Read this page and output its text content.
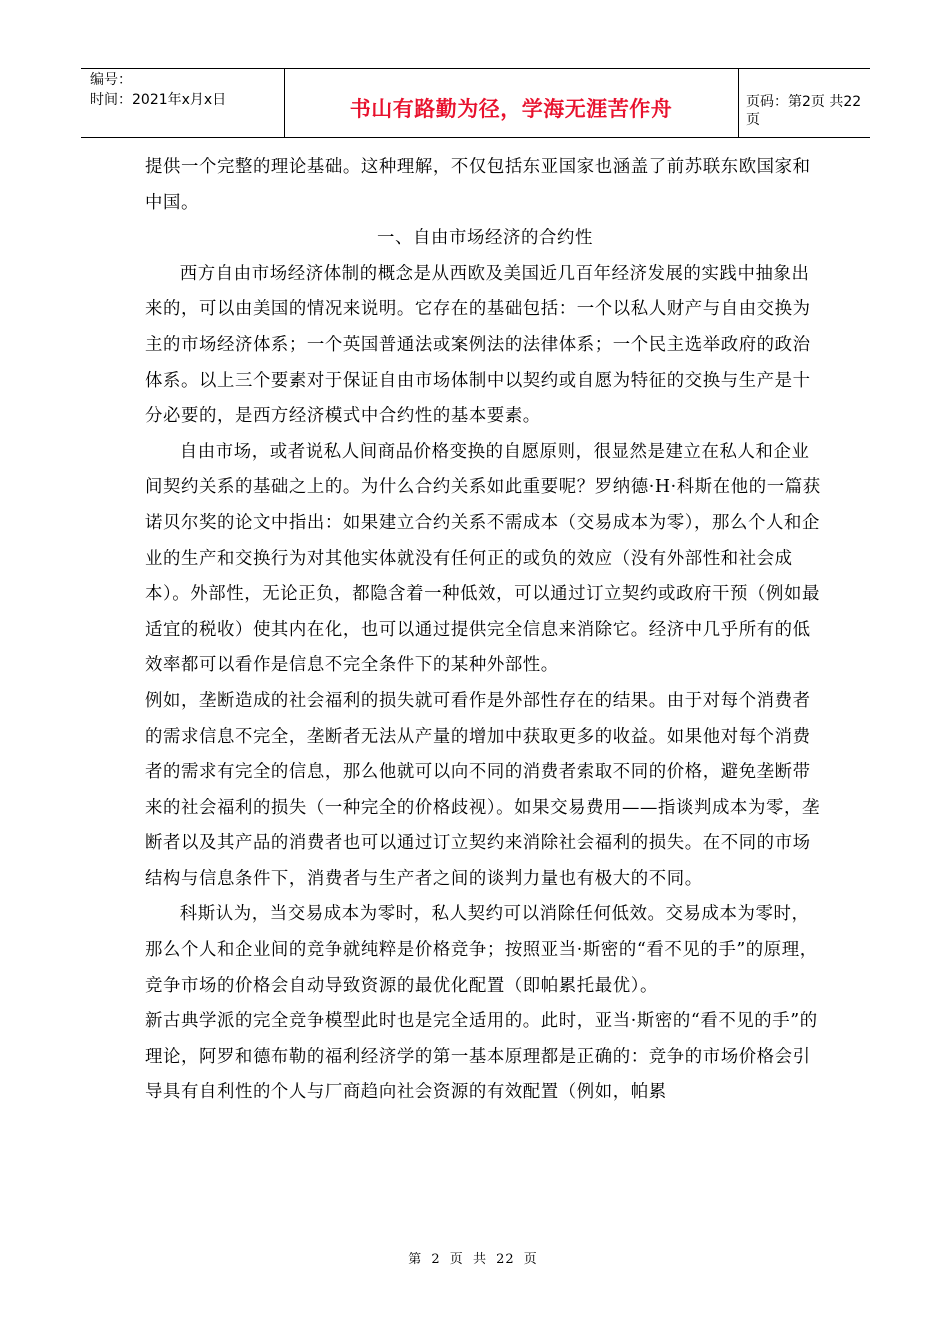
编号：
时间：2021年x月x日	书山有路勤为径，学海无涯苦作舟	页码：第2页 共22页

提供一个完整的理论基础。这种理解，不仅包括东亚国家也涵盖了前苏联东欧国家和中国。

一、自由市场经济的合约性

西方自由市场经济体制的概念是从西欧及美国近几百年经济发展的实践中抽象出来的，可以由美国的情况来说明。它存在的基础包括：一个以私人财产与自由交换为主的市场经济体系；一个英国普通法或案例法的法律体系；一个民主选举政府的政治体系。以上三个要素对于保证自由市场体制中以契约或自愿为特征的交换与生产是十分必要的，是西方经济模式中合约性的基本要素。

自由市场，或者说私人间商品价格变换的自愿原则，很显然是建立在私人和企业间契约关系的基础之上的。为什么合约关系如此重要呢？罗纳德·H·科斯在他的一篇获诺贝尔奖的论文中指出：如果建立合约关系不需成本（交易成本为零），那么个人和企业的生产和交换行为对其他实体就没有任何正的或负的效应（没有外部性和社会成本）。外部性，无论正负，都隐含着一种低效，可以通过订立契约或政府干预（例如最适宜的税收）使其内在化，也可以通过提供完全信息来消除它。经济中几乎所有的低效率都可以看作是信息不完全条件下的某种外部性。

例如，垄断造成的社会福利的损失就可看作是外部性存在的结果。由于对每个消费者的需求信息不完全，垄断者无法从产量的增加中获取更多的收益。如果他对每个消费者的需求有完全的信息，那么他就可以向不同的消费者索取不同的价格，避免垄断带来的社会福利的损失（一种完全的价格歧视）。如果交易费用——指谈判成本为零，垄断者以及其产品的消费者也可以通过订立契约来消除社会福利的损失。在不同的市场结构与信息条件下，消费者与生产者之间的谈判力量也有极大的不同。

科斯认为，当交易成本为零时，私人契约可以消除任何低效。交易成本为零时，那么个人和企业间的竞争就纯粹是价格竞争；按照亚当·斯密的“看不见的手”的原理，竞争市场的价格会自动导致资源的最优化配置（即帕累托最优）。

新古典学派的完全竞争模型此时也是完全适用的。此时，亚当·斯密的“看不见的手”的理论，阿罗和德布勒的福利经济学的第一基本原理都是正确的：竞争的市场价格会引导具有自利性的个人与厂商趋向社会资源的有效配置（例如，帕累

第 2 页 共 22 页
